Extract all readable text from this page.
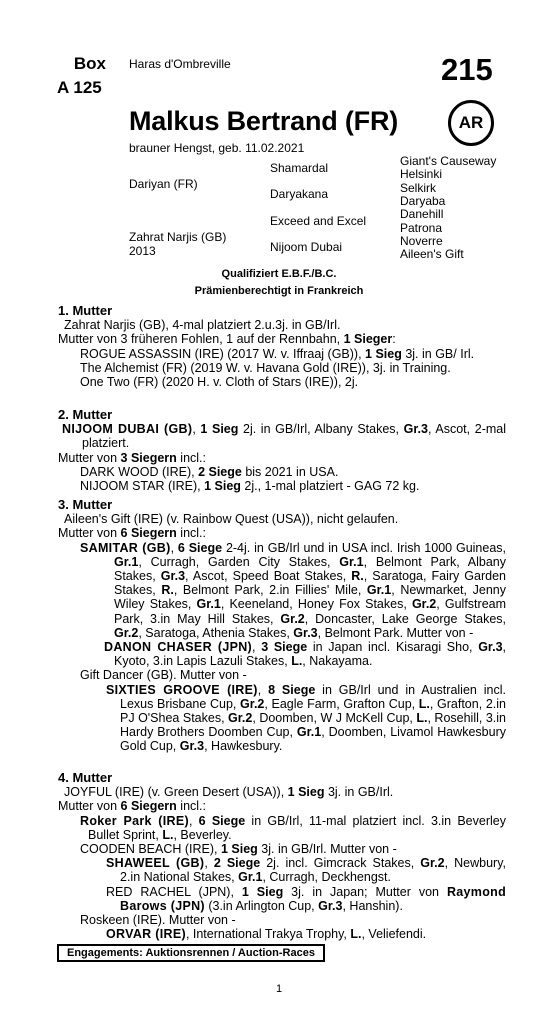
Box
A 125
Haras d'Ombreville	215
Malkus Bertrand (FR)	AR
brauner Hengst, geb. 11.02.2021
Dariyan (FR)
Zahrat Narjis (GB)
2013
Shamardal
Daryakana
Exceed and Excel
Nijoom Dubai
Giant's Causeway
Helsinki
Selkirk
Daryaba
Danehill
Patrona
Noverre
Aileen's Gift
Qualifiziert E.B.F./B.C.
Prämienberechtigt in Frankreich

1. Mutter

Zahrat Narjis (GB), 4-mal platziert 2.u.3j. in GB/Irl.

Mutter von 3 früheren Fohlen, 1 auf der Rennbahn, 1 Sieger:

ROGUE ASSASSIN (IRE) (2017 W. v. Iffraaj (GB)), 1 Sieg 3j. in GB/ Irl.

The Alchemist (FR) (2019 W. v. Havana Gold (IRE)), 3j. in Training.

One Two (FR) (2020 H. v. Cloth of Stars (IRE)), 2j.

2. Mutter

NIJOOM DUBAI (GB), 1 Sieg 2j. in GB/Irl, Albany Stakes, Gr.3, Ascot, 2-mal platziert.

Mutter von 3 Siegern incl.:

DARK WOOD (IRE), 2 Siege bis 2021 in USA.

NIJOOM STAR (IRE), 1 Sieg 2j., 1-mal platziert - GAG 72 kg.

3. Mutter

Aileen's Gift (IRE) (v. Rainbow Quest (USA)), nicht gelaufen.

Mutter von 6 Siegern incl.:

SAMITAR (GB), 6 Siege 2-4j. in GB/Irl und in USA incl. Irish 1000 Guineas, Gr.1, Curragh, Garden City Stakes, Gr.1, Belmont Park, Albany Stakes, Gr.3, Ascot, Speed Boat Stakes, R., Saratoga, Fairy Garden Stakes, R., Belmont Park, 2.in Fillies' Mile, Gr.1, Newmarket, Jenny Wiley Stakes, Gr.1, Keeneland, Honey Fox Stakes, Gr.2, Gulfstream Park, 3.in May Hill Stakes, Gr.2, Doncaster, Lake George Stakes, Gr.2, Saratoga, Athenia Stakes, Gr.3, Belmont Park. Mutter von -

DANON CHASER (JPN), 3 Siege in Japan incl. Kisaragi Sho, Gr.3, Kyoto, 3.in Lapis Lazuli Stakes, L., Nakayama.

Gift Dancer (GB). Mutter von -

SIXTIES GROOVE (IRE), 8 Siege in GB/Irl und in Australien incl. Lexus Brisbane Cup, Gr.2, Eagle Farm, Grafton Cup, L., Grafton, 2.in PJ O'Shea Stakes, Gr.2, Doomben, W J McKell Cup, L., Rosehill, 3.in Hardy Brothers Doomben Cup, Gr.1, Doomben, Livamol Hawkesbury Gold Cup, Gr.3, Hawkesbury.

4. Mutter

JOYFUL (IRE) (v. Green Desert (USA)), 1 Sieg 3j. in GB/Irl.

Mutter von 6 Siegern incl.:

Roker Park (IRE), 6 Siege in GB/Irl, 11-mal platziert incl. 3.in Beverley Bullet Sprint, L., Beverley.

COODEN BEACH (IRE), 1 Sieg 3j. in GB/Irl. Mutter von -

SHAWEEL (GB), 2 Siege 2j. incl. Gimcrack Stakes, Gr.2, Newbury, 2.in National Stakes, Gr.1, Curragh, Deckhengst.

RED RACHEL (JPN), 1 Sieg 3j. in Japan; Mutter von Raymond Barows (JPN) (3.in Arlington Cup, Gr.3, Hanshin).

Roskeen (IRE). Mutter von -

ORVAR (IRE), International Trakya Trophy, L., Veliefendi.

Engagements: Auktionsrennen / Auction-Races
1
